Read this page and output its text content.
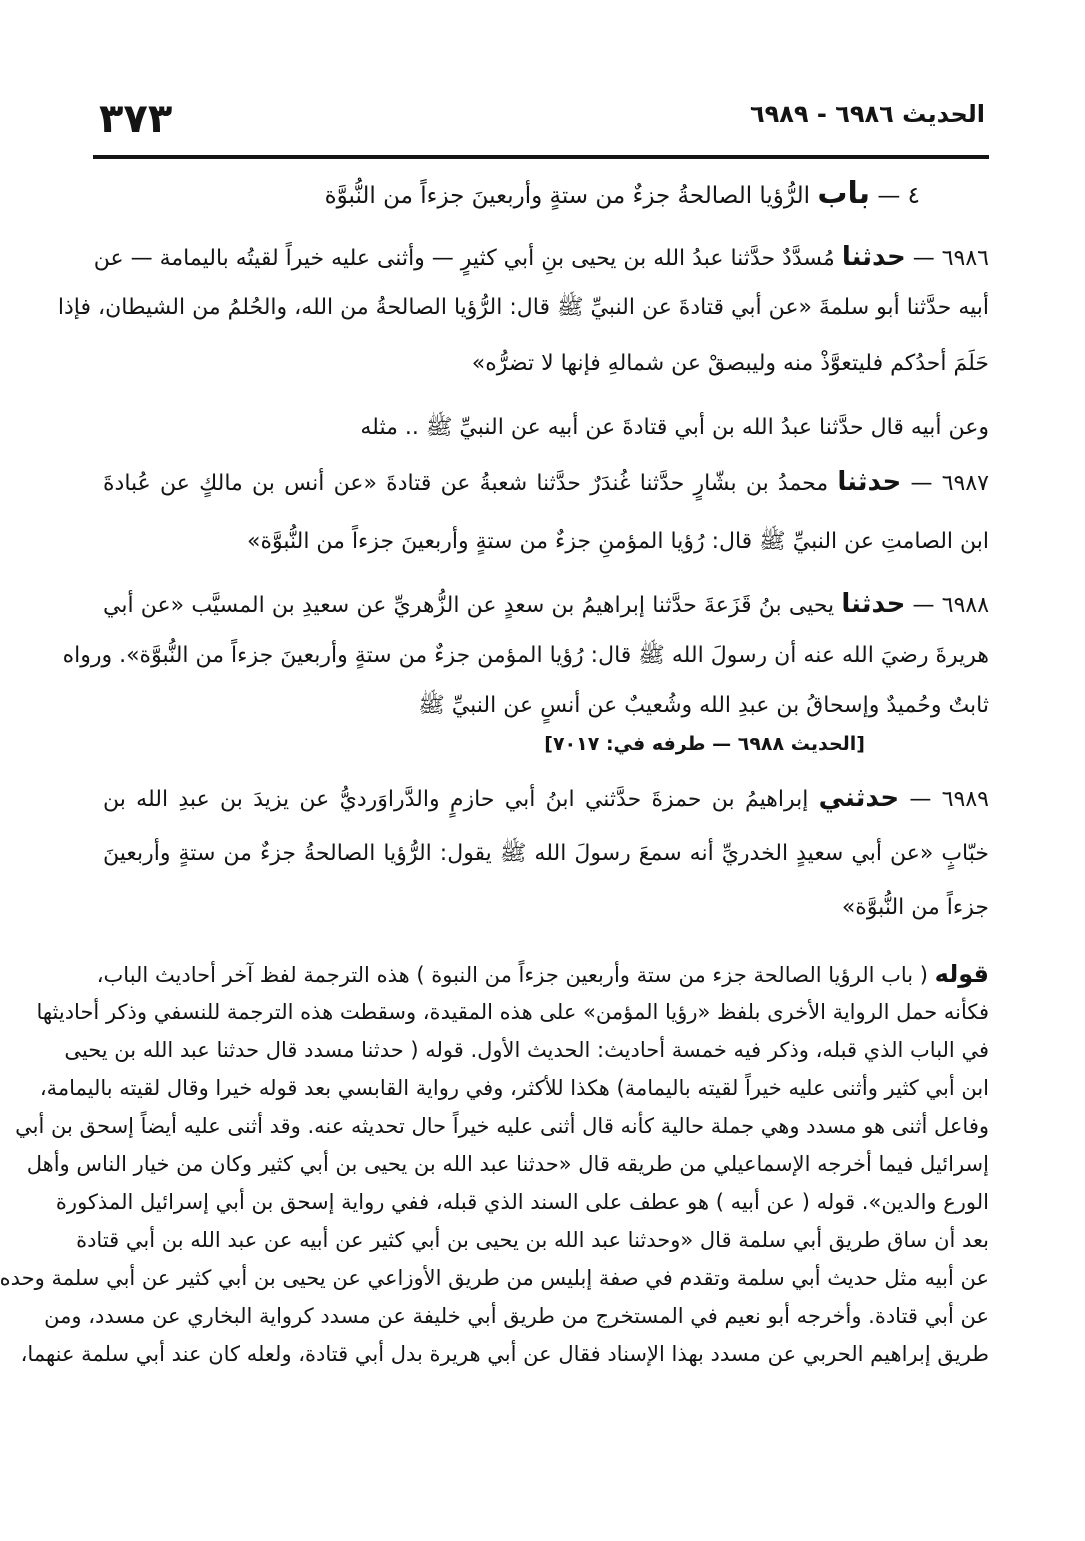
الحديث ٦٩٨٦ - ٦٩٨٩
٣٧٣
٤ — باب الرُّؤيا الصالحةُ جزءٌ من ستةٍ وأربعينَ جزءاً من النُّبوَّة
٦٩٨٦ — حدثنا مُسدَّدٌ حدَّثنا عبدُ الله بن يحيى بنِ أبي كثيرٍ — وأثنى عليه خيراً لقيتُه باليمامة — عن
أبيه حدَّثنا أبو سلمةَ «عن أبي قتادةَ عن النبيِّ ﷺ قال: الرُّؤيا الصالحةُ من الله، والحُلمُ من الشيطان، فإذا
حَلَمَ أحدُكم فليتعوَّذْ منه وليبصقْ عن شمالهِ فإنها لا تضرُّه»
وعن أبيه قال حدَّثنا عبدُ الله بن أبي قتادةَ عن أبيه عن النبيِّ ﷺ .. مثله
٦٩٨٧ — حدثنا محمدُ بن بشّارٍ حدَّثنا غُندَرٌ حدَّثنا شعبةُ عن قتادةَ «عن أنس بن مالكٍ عن عُبادةَ
ابن الصامتِ عن النبيِّ ﷺ قال: رُؤيا المؤمنِ جزءٌ من ستةٍ وأربعينَ جزءاً من النُّبوَّة»
٦٩٨٨ — حدثنا يحيى بنُ قَزَعةَ حدَّثنا إبراهيمُ بن سعدٍ عن الزُّهريِّ عن سعيدِ بن المسيَّب «عن أبي
هريرةَ رضيَ الله عنه أن رسولَ الله ﷺ قال: رُؤيا المؤمن جزءٌ من ستةٍ وأربعينَ جزءاً من النُّبوَّة». ورواه
ثابتٌ وحُميدٌ وإسحاقُ بن عبدِ الله وشُعيبٌ عن أنسٍ عن النبيِّ ﷺ
[الحديث ٦٩٨٨ — طرفه في: ٧٠١٧]
٦٩٨٩ — حدثني إبراهيمُ بن حمزةَ حدَّثني ابنُ أبي حازمٍ والدَّراوَرديُّ عن يزيدَ بن عبدِ الله بن
خبّابٍ «عن أبي سعيدٍ الخدريِّ أنه سمعَ رسولَ الله ﷺ يقول: الرُّؤيا الصالحةُ جزءٌ من ستةٍ وأربعينَ
جزءاً من النُّبوَّة»
قوله ( باب الرؤيا الصالحة جزء من ستة وأربعين جزءاً من النبوة ) هذه الترجمة لفظ آخر أحاديث الباب،
فكأنه حمل الرواية الأخرى بلفظ «رؤيا المؤمن» على هذه المقيدة، وسقطت هذه الترجمة للنسفي وذكر أحاديثها
في الباب الذي قبله، وذكر فيه خمسة أحاديث: الحديث الأول. قوله ( حدثنا مسدد قال حدثنا عبد الله بن يحيى
ابن أبي كثير وأثنى عليه خيراً لقيته باليمامة) هكذا للأكثر، وفي رواية القابسي بعد قوله خيرا وقال لقيته باليمامة،
وفاعل أثنى هو مسدد وهي جملة حالية كأنه قال أثنى عليه خيراً حال تحديثه عنه. وقد أثنى عليه أيضاً إسحق بن أبي
إسرائيل فيما أخرجه الإسماعيلي من طريقه قال «حدثنا عبد الله بن يحيى بن أبي كثير وكان من خيار الناس وأهل
الورع والدين». قوله ( عن أبيه ) هو عطف على السند الذي قبله، ففي رواية إسحق بن أبي إسرائيل المذكورة
بعد أن ساق طريق أبي سلمة قال «وحدثنا عبد الله بن يحيى بن أبي كثير عن أبيه عن عبد الله بن أبي قتادة
عن أبيه مثل حديث أبي سلمة وتقدم في صفة إبليس من طريق الأوزاعي عن يحيى بن أبي كثير عن أبي سلمة وحده
عن أبي قتادة. وأخرجه أبو نعيم في المستخرج من طريق أبي خليفة عن مسدد كرواية البخاري عن مسدد، ومن
طريق إبراهيم الحربي عن مسدد بهذا الإسناد فقال عن أبي هريرة بدل أبي قتادة، ولعله كان عند أبي سلمة عنهما،
